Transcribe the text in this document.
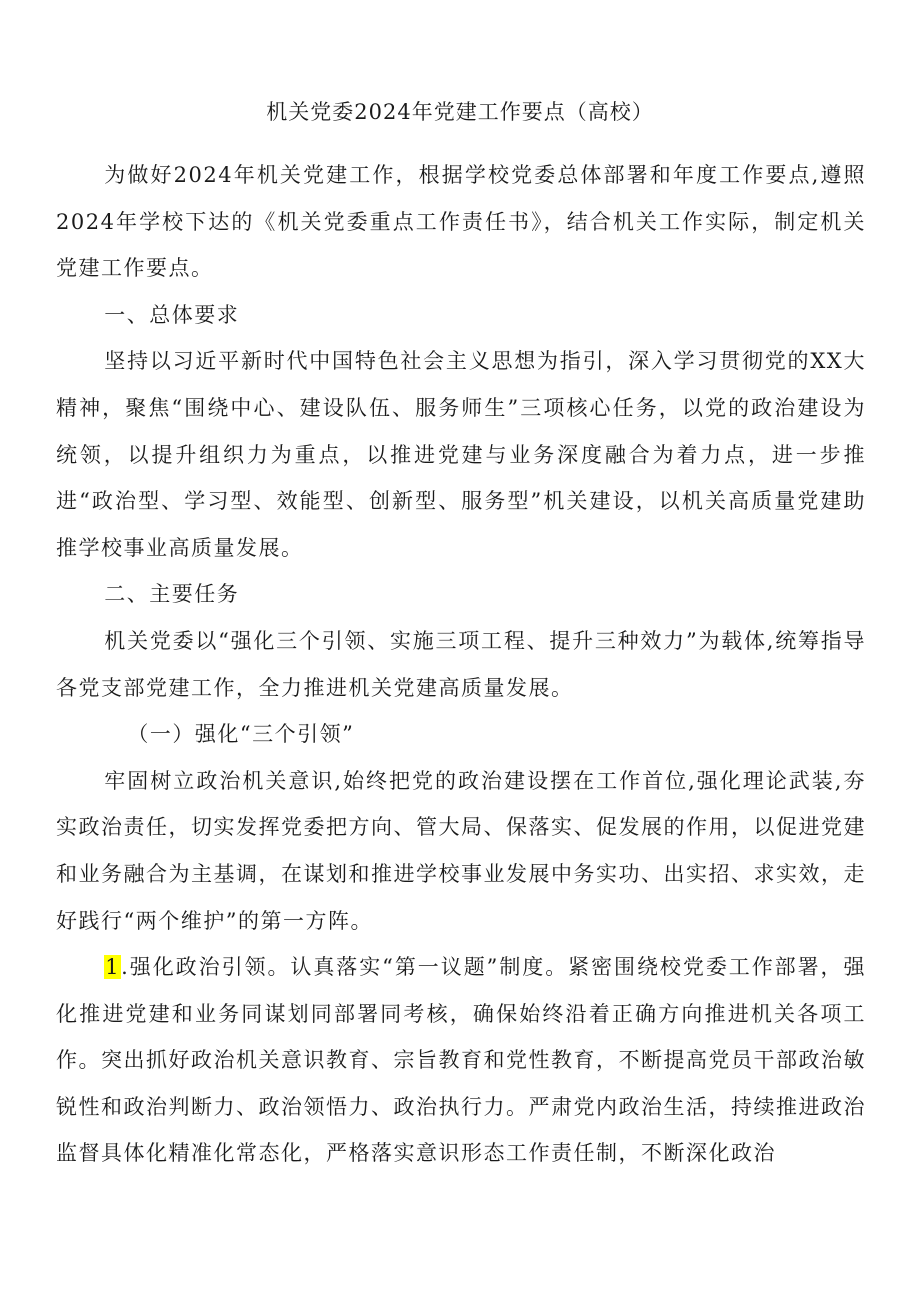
机关党委2024年党建工作要点（高校）

为做好2024年机关党建工作，根据学校党委总体部署和年度工作要点,遵照2024年学校下达的《机关党委重点工作责任书》，结合机关工作实际，制定机关党建工作要点。

一、总体要求

坚持以习近平新时代中国特色社会主义思想为指引，深入学习贯彻党的XX大精神，聚焦“围绕中心、建设队伍、服务师生”三项核心任务，以党的政治建设为统领，以提升组织力为重点，以推进党建与业务深度融合为着力点，进一步推进“政治型、学习型、效能型、创新型、服务型”机关建设，以机关高质量党建助推学校事业高质量发展。

二、主要任务

机关党委以“强化三个引领、实施三项工程、提升三种效力”为载体,统筹指导各党支部党建工作，全力推进机关党建高质量发展。

（一）强化“三个引领”

牢固树立政治机关意识,始终把党的政治建设摆在工作首位,强化理论武装,夯实政治责任，切实发挥党委把方向、管大局、保落实、促发展的作用，以促进党建和业务融合为主基调，在谋划和推进学校事业发展中务实功、出实招、求实效，走好践行“两个维护”的第一方阵。

1.强化政治引领。认真落实“第一议题”制度。紧密围绕校党委工作部署，强化推进党建和业务同谋划同部署同考核，确保始终沿着正确方向推进机关各项工作。突出抓好政治机关意识教育、宗旨教育和党性教育，不断提高党员干部政治敏锐性和政治判断力、政治领悟力、政治执行力。严肃党内政治生活，持续推进政治监督具体化精准化常态化，严格落实意识形态工作责任制，不断深化政治
